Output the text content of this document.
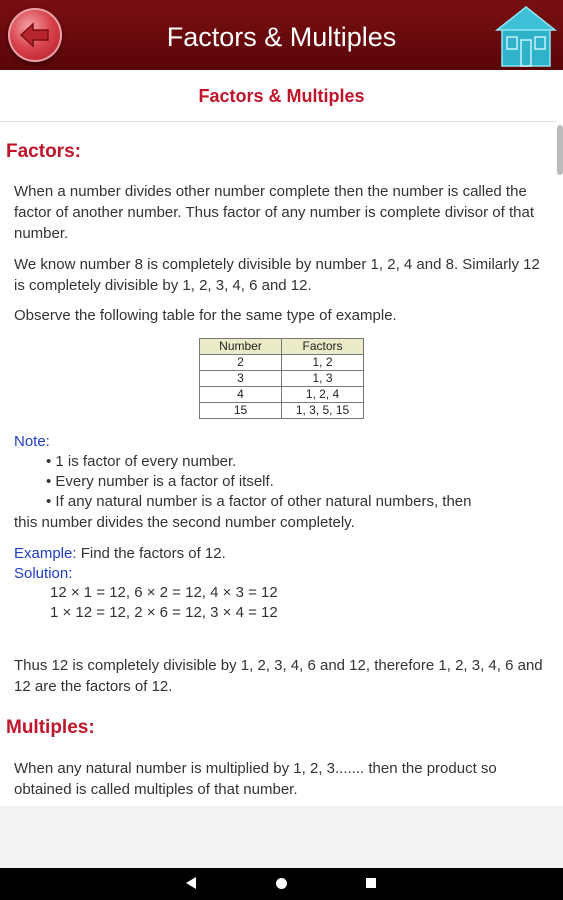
Factors & Multiples
Factors & Multiples
Factors:

When a number divides other number complete then the number is called the factor of another number. Thus factor of any number is complete divisor of that number.

We know number 8 is completely divisible by number 1, 2, 4 and 8. Similarly 12 is completely divisible by 1, 2, 3, 4, 6 and 12.

Observe the following table for the same type of example.

Number	Factors
2	1, 2
3	1, 3
4	1, 2, 4
15	1, 3, 5, 15
Note:
• 1 is factor of every number.
• Every number is a factor of itself.
• If any natural number is a factor of other natural numbers, then
this number divides the second number completely.
Example: Find the factors of 12.
Solution:
12 × 1 = 12, 6 × 2 = 12, 4 × 3 = 12
1 × 12 = 12, 2 × 6 = 12, 3 × 4 = 12

Thus 12 is completely divisible by 1, 2, 3, 4, 6 and 12, therefore 1, 2, 3, 4, 6 and 12 are the factors of 12.

Multiples:

When any natural number is multiplied by 1, 2, 3....... then the product so obtained is called multiples of that number.
